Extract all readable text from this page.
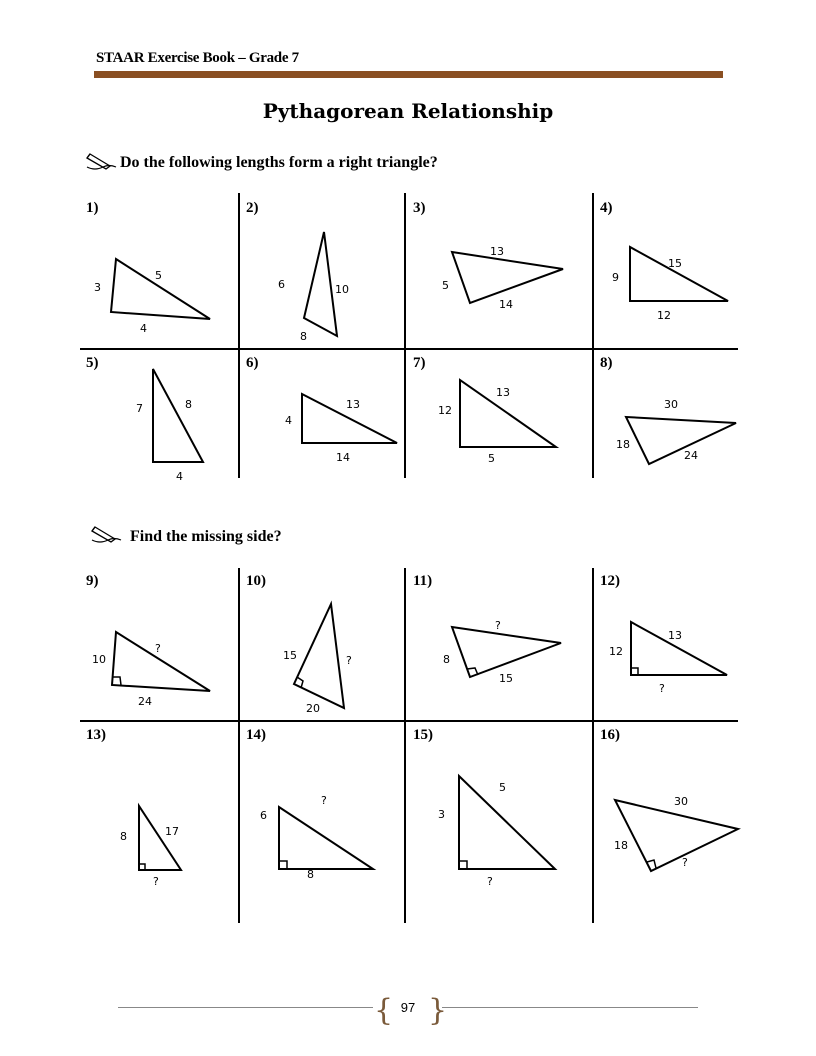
STAAR Exercise Book – Grade 7
Pythagorean Relationship
Do the following lengths form a right triangle?
1)	2)	3)	4)
5)	6)	7)	8)
Find the missing side?
9)	10)	11)	12)
13)	14)	15)	16)
3
5
4
6	10
8
13
5
14
15
9
12
7	8
4
13
4
14
13
12
5
30
18
24
10
?
24
15	?
20
?
8
15
12
13
?
8	17
?
6
?
8
5
3
?
30
18
?
{ }
97
